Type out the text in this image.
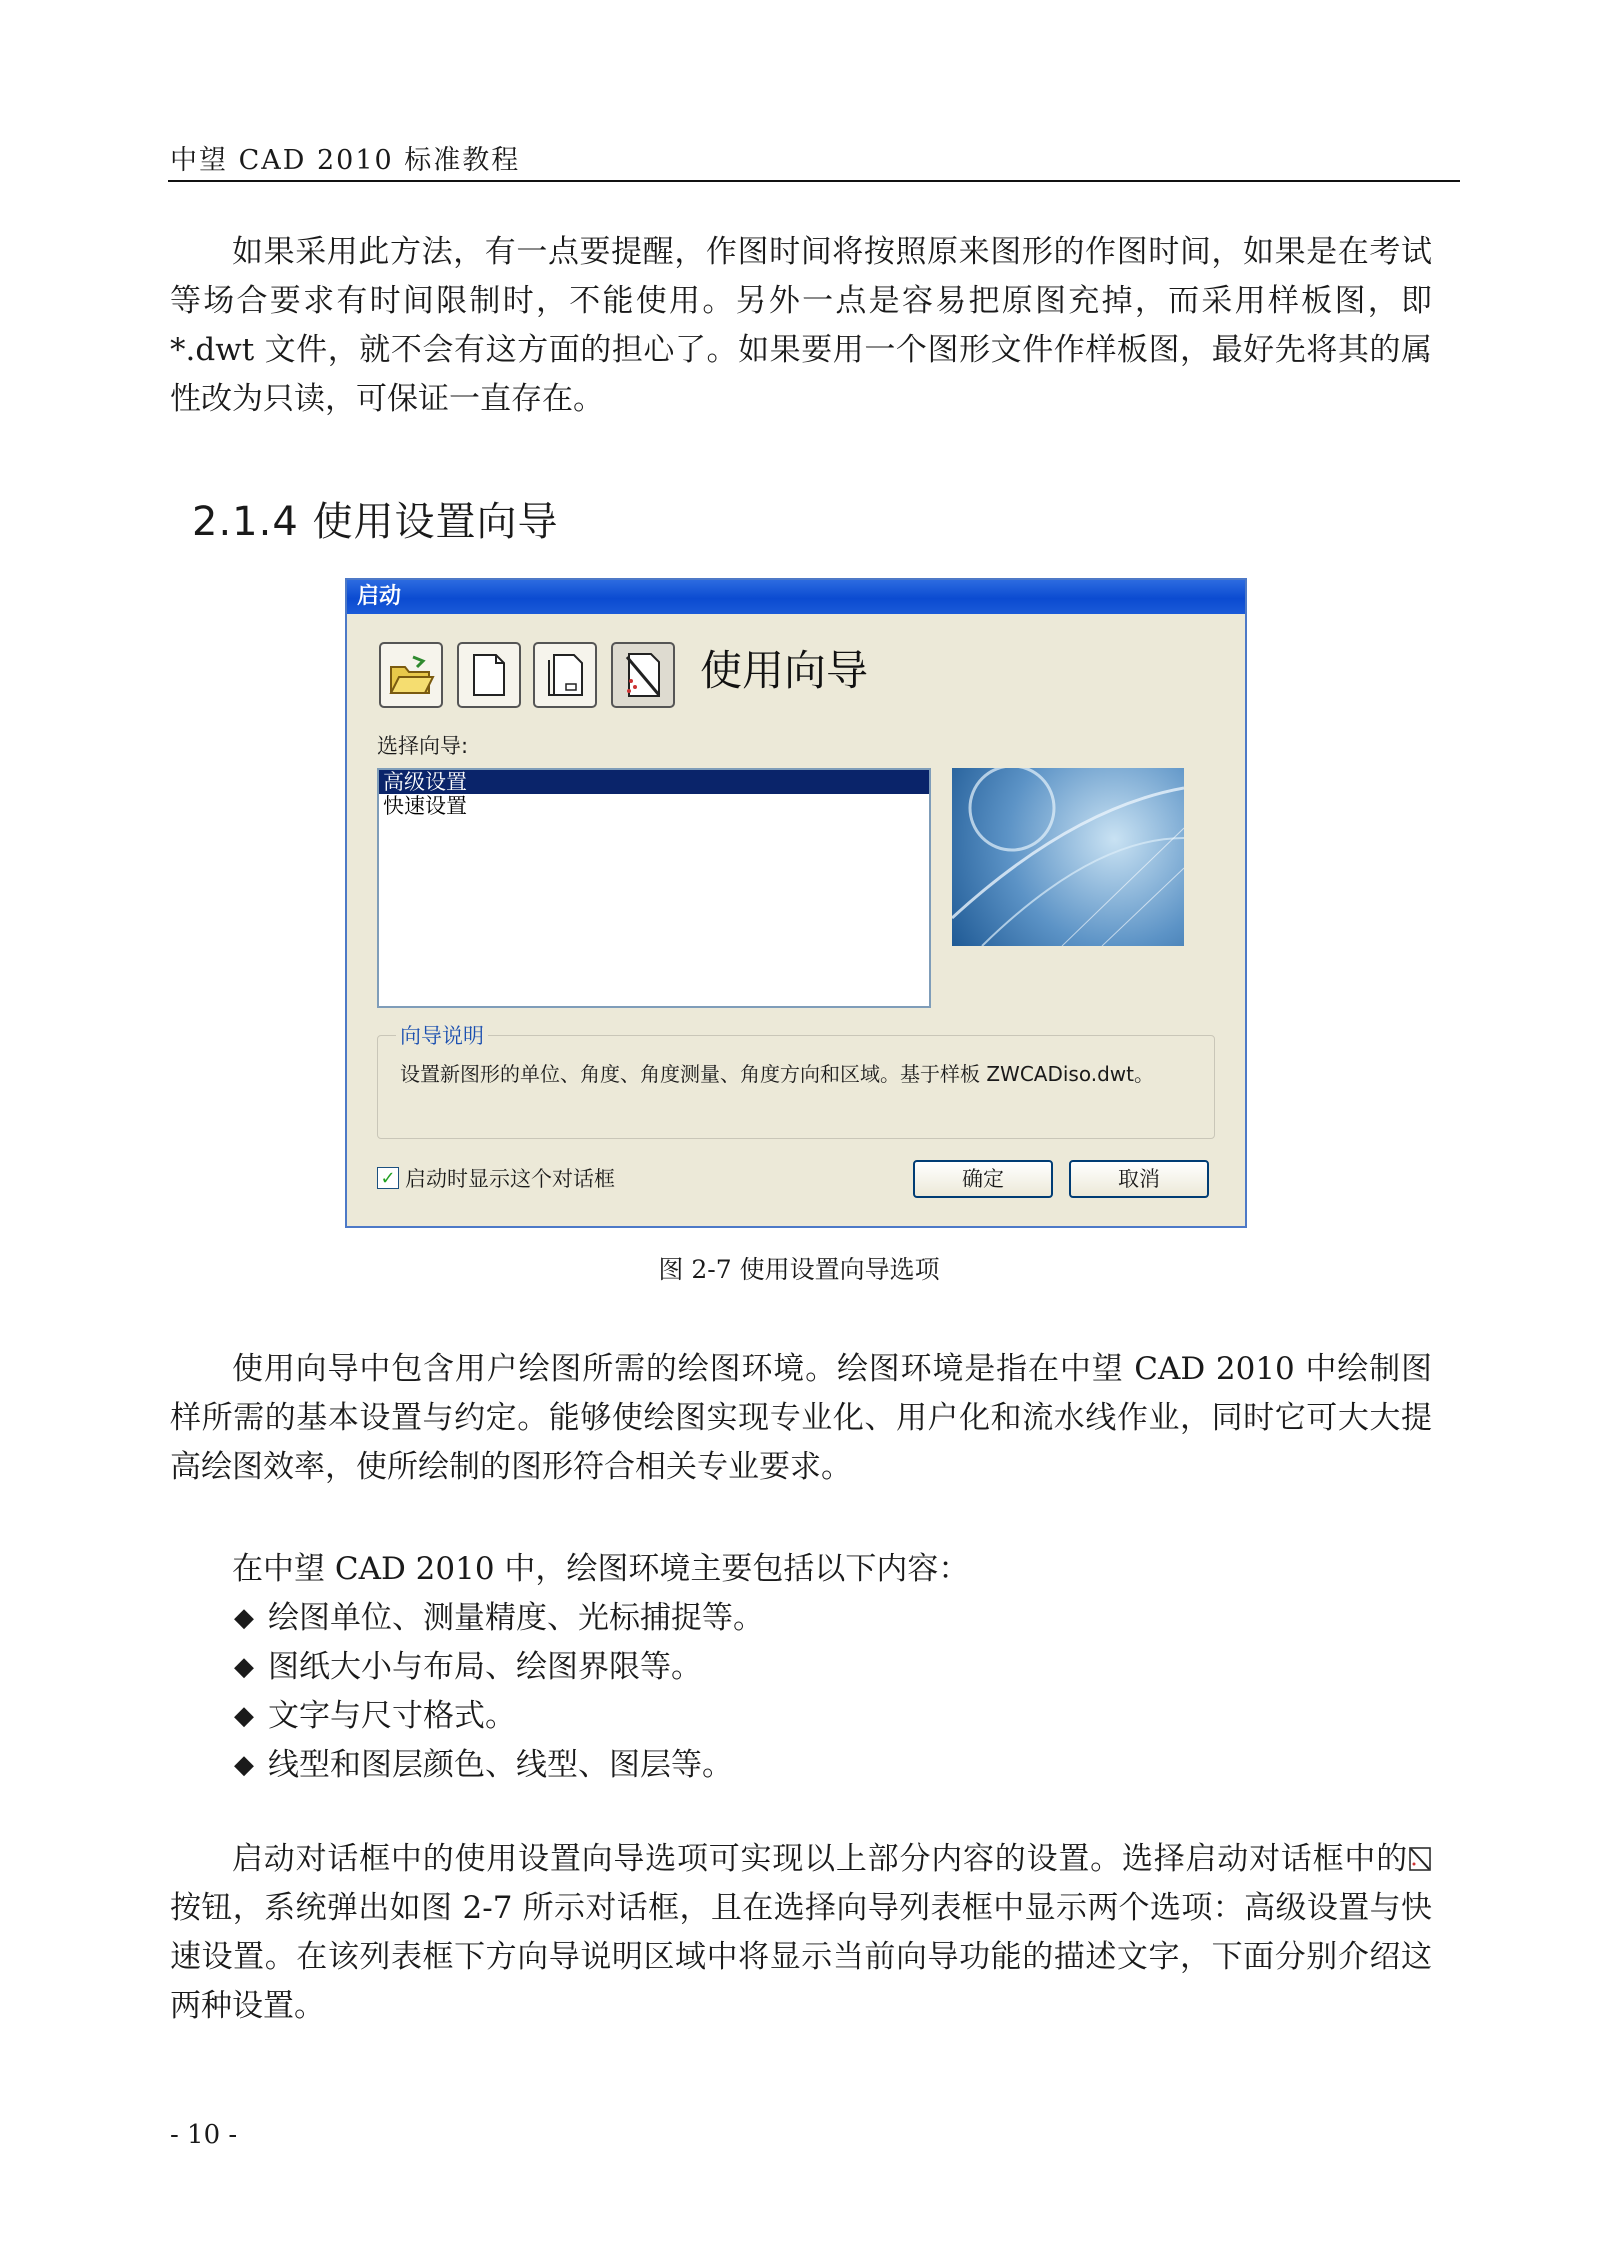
中望 CAD 2010 标准教程

如果采用此方法，有一点要提醒，作图时间将按照原来图形的作图时间，如果是在考试等场合要求有时间限制时，不能使用。另外一点是容易把原图充掉，而采用样板图，即*.dwt 文件，就不会有这方面的担心了。如果要用一个图形文件作样板图，最好先将其的属性改为只读，可保证一直存在。

2.1.4 使用设置向导
启动
使用向导
选择向导:
高级设置
快速设置
向导说明
设置新图形的单位、角度、角度测量、角度方向和区域。基于样板 ZWCADiso.dwt。
✓ 启动时显示这个对话框	确定	取消
图 2-7 使用设置向导选项

使用向导中包含用户绘图所需的绘图环境。绘图环境是指在中望 CAD 2010 中绘制图样所需的基本设置与约定。能够使绘图实现专业化、用户化和流水线作业，同时它可大大提高绘图效率，使所绘制的图形符合相关专业要求。

在中望 CAD 2010 中，绘图环境主要包括以下内容：

◆ 绘图单位、测量精度、光标捕捉等。
◆ 图纸大小与布局、绘图界限等。
◆ 文字与尺寸格式。
◆ 线型和图层颜色、线型、图层等。

启动对话框中的使用设置向导选项可实现以上部分内容的设置。选择启动对话框中的按钮，系统弹出如图 2-7 所示对话框，且在选择向导列表框中显示两个选项：高级设置与快速设置。在该列表框下方向导说明区域中将显示当前向导功能的描述文字，下面分别介绍这两种设置。

- 10 -
